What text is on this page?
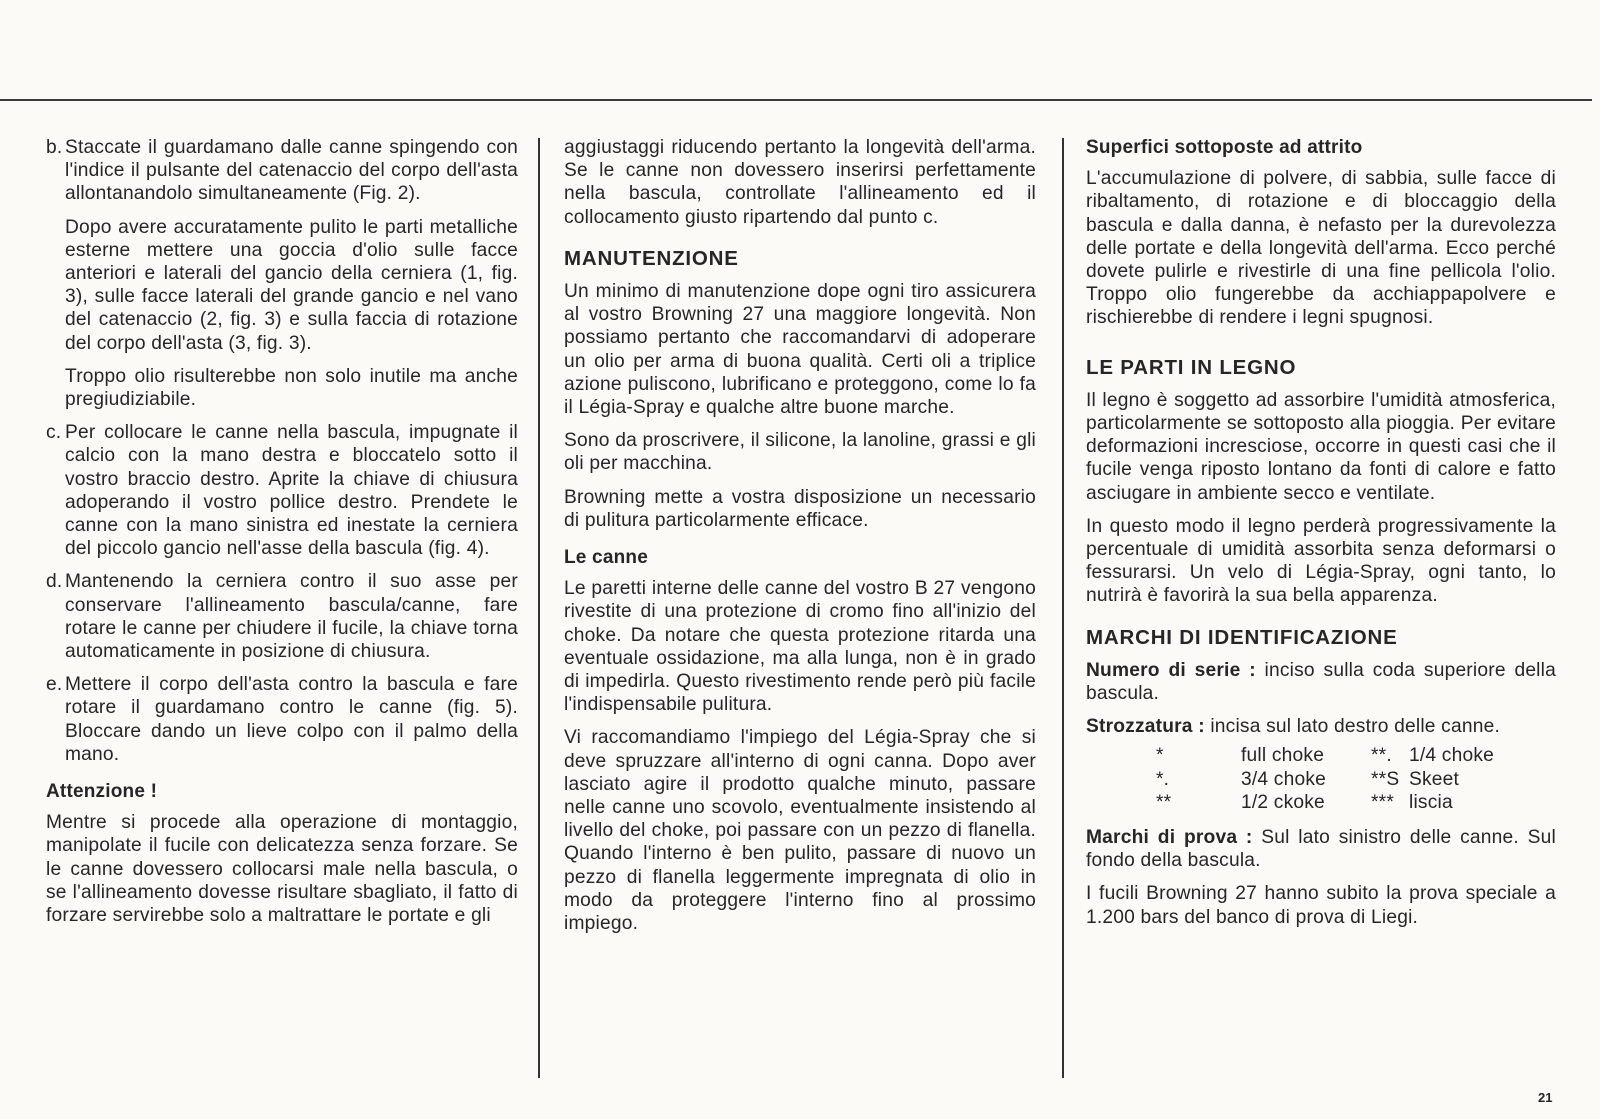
b. Staccate il guardamano dalle canne spingendo con l'indice il pulsante del catenaccio del corpo dell'asta allontanandolo simultaneamente (Fig. 2).

Dopo avere accuratamente pulito le parti metalliche esterne mettere una goccia d'olio sulle facce anteriori e laterali del gancio della cerniera (1, fig. 3), sulle facce laterali del grande gancio e nel vano del catenaccio (2, fig. 3) e sulla faccia di rotazione del corpo dell'asta (3, fig. 3).

Troppo olio risulterebbe non solo inutile ma anche pregiudiziabile.

c. Per collocare le canne nella bascula, impugnate il calcio con la mano destra e bloccatelo sotto il vostro braccio destro. Aprite la chiave di chiusura adoperando il vostro pollice destro. Prendete le canne con la mano sinistra ed inestate la cerniera del piccolo gancio nell'asse della bascula (fig. 4).
d. Mantenendo la cerniera contro il suo asse per conservare l'allineamento bascula/canne, fare rotare le canne per chiudere il fucile, la chiave torna automaticamente in posizione di chiusura.
e. Mettere il corpo dell'asta contro la bascula e fare rotare il guardamano contro le canne (fig. 5). Bloccare dando un lieve colpo con il palmo della mano.
Attenzione !

Mentre si procede alla operazione di montaggio, manipolate il fucile con delicatezza senza forzare. Se le canne dovessero collocarsi male nella bascula, o se l'allineamento dovesse risultare sbagliato, il fatto di forzare servirebbe solo a maltrattare le portate e gli

aggiustaggi riducendo pertanto la longevità dell'arma. Se le canne non dovessero inserirsi perfettamente nella bascula, controllate l'allineamento ed il collocamento giusto ripartendo dal punto c.

MANUTENZIONE

Un minimo di manutenzione dope ogni tiro assicurera al vostro Browning 27 una maggiore longevità. Non possiamo pertanto che raccomandarvi di adoperare un olio per arma di buona qualità. Certi oli a triplice azione puliscono, lubrificano e proteggono, come lo fa il Légia-Spray e qualche altre buone marche.

Sono da proscrivere, il silicone, la lanoline, grassi e gli oli per macchina.

Browning mette a vostra disposizione un necessario di pulitura particolarmente efficace.

Le canne

Le paretti interne delle canne del vostro B 27 vengono rivestite di una protezione di cromo fino all'inizio del choke. Da notare che questa protezione ritarda una eventuale ossidazione, ma alla lunga, non è in grado di impedirla. Questo rivestimento rende però più facile l'indispensabile pulitura.

Vi raccomandiamo l'impiego del Légia-Spray che si deve spruzzare all'interno di ogni canna. Dopo aver lasciato agire il prodotto qualche minuto, passare nelle canne uno scovolo, eventualmente insistendo al livello del choke, poi passare con un pezzo di flanella. Quando l'interno è ben pulito, passare di nuovo un pezzo di flanella leggermente impregnata di olio in modo da proteggere l'interno fino al prossimo impiego.

Superfici sottoposte ad attrito

L'accumulazione di polvere, di sabbia, sulle facce di ribaltamento, di rotazione e di bloccaggio della bascula e dalla danna, è nefasto per la durevolezza delle portate e della longevità dell'arma. Ecco perché dovete pulirle e rivestirle di una fine pellicola l'olio. Troppo olio fungerebbe da acchiappapolvere e rischierebbe di rendere i legni spugnosi.

LE PARTI IN LEGNO

Il legno è soggetto ad assorbire l'umidità atmosferica, particolarmente se sottoposto alla pioggia. Per evitare deformazioni incresciose, occorre in questi casi che il fucile venga riposto lontano da fonti di calore e fatto asciugare in ambiente secco e ventilate.

In questo modo il legno perderà progressivamente la percentuale di umidità assorbita senza deformarsi o fessurarsi. Un velo di Légia-Spray, ogni tanto, lo nutrirà è favorirà la sua bella apparenza.

MARCHI DI IDENTIFICAZIONE

Numero di serie : inciso sulla coda superiore della bascula.

Strozzatura : incisa sul lato destro delle canne.

*	full choke	**. 1/4 choke
*.	3/4 choke	**S Skeet
**	1/2 ckoke	*** liscia

Marchi di prova : Sul lato sinistro delle canne. Sul fondo della bascula.

I fucili Browning 27 hanno subito la prova speciale a 1.200 bars del banco di prova di Liegi.

21
